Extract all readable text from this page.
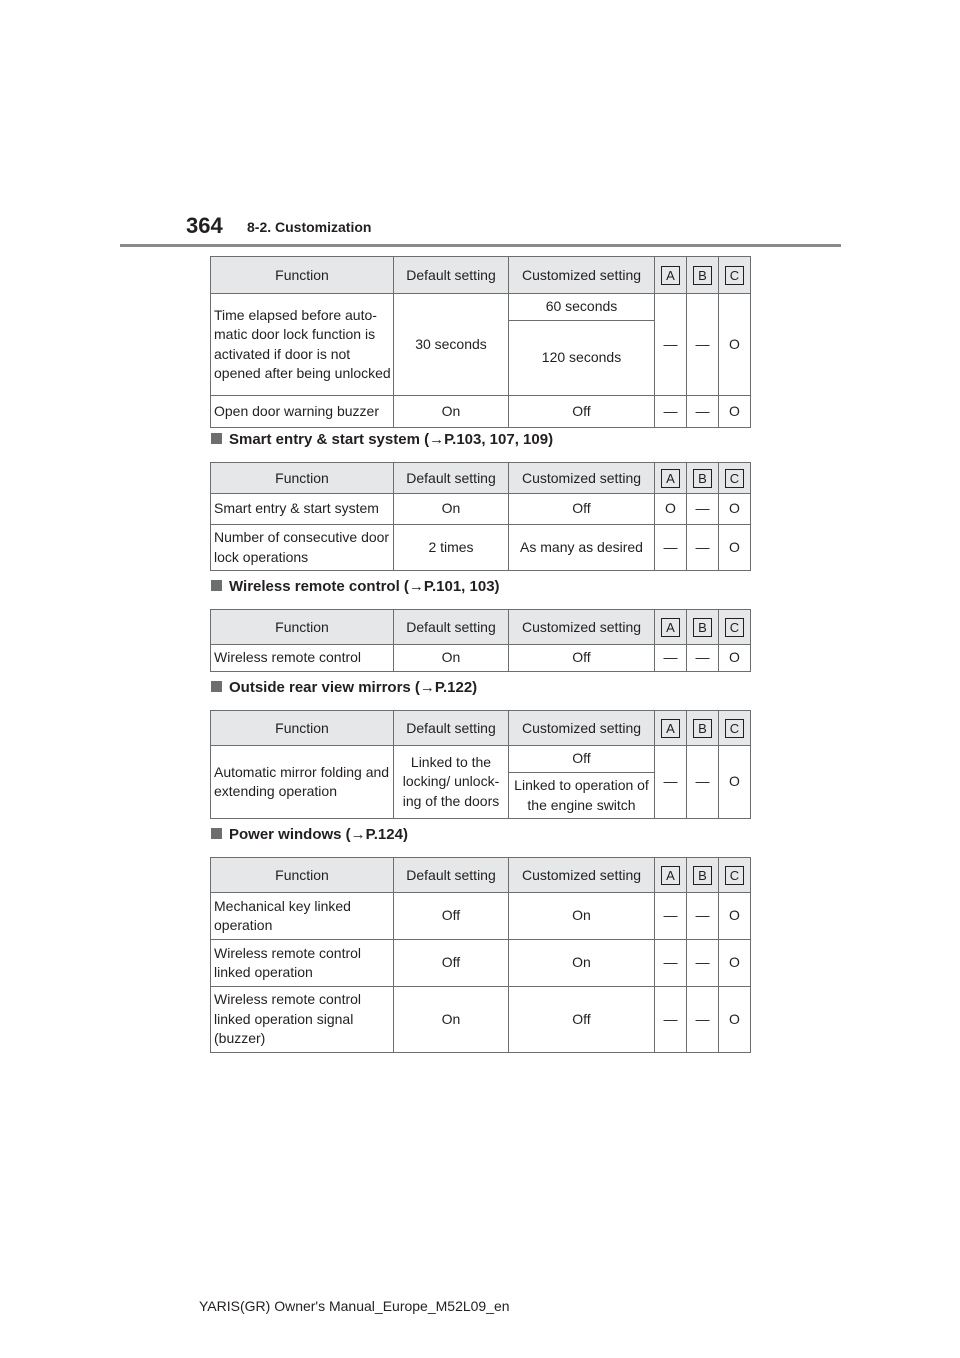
364 8-2. Customization
Function	Default setting	Customized setting	A	B	C
Time elapsed before auto-matic door lock function is activated if door is not opened after being unlocked	30 seconds	60 seconds	—	—	O
		120 seconds			
Open door warning buzzer	On	Off	—	—	O
Smart entry & start system (→P.103, 107, 109)
Function	Default setting	Customized setting	A	B	C
Smart entry & start system	On	Off	O	—	O
Number of consecutive door lock operations	2 times	As many as desired	—	—	O
Wireless remote control (→P.101, 103)
Function	Default setting	Customized setting	A	B	C
Wireless remote control	On	Off	—	—	O
Outside rear view mirrors (→P.122)
Function	Default setting	Customized setting	A	B	C
Automatic mirror folding and extending operation	Linked to the locking/ unlock-ing of the doors	Off	—	—	O
		Linked to operation of the engine switch			
Power windows (→P.124)
Function	Default setting	Customized setting	A	B	C
Mechanical key linked operation	Off	On	—	—	O
Wireless remote control linked operation	Off	On	—	—	O
Wireless remote control linked operation signal (buzzer)	On	Off	—	—	O
YARIS(GR) Owner's Manual_Europe_M52L09_en
